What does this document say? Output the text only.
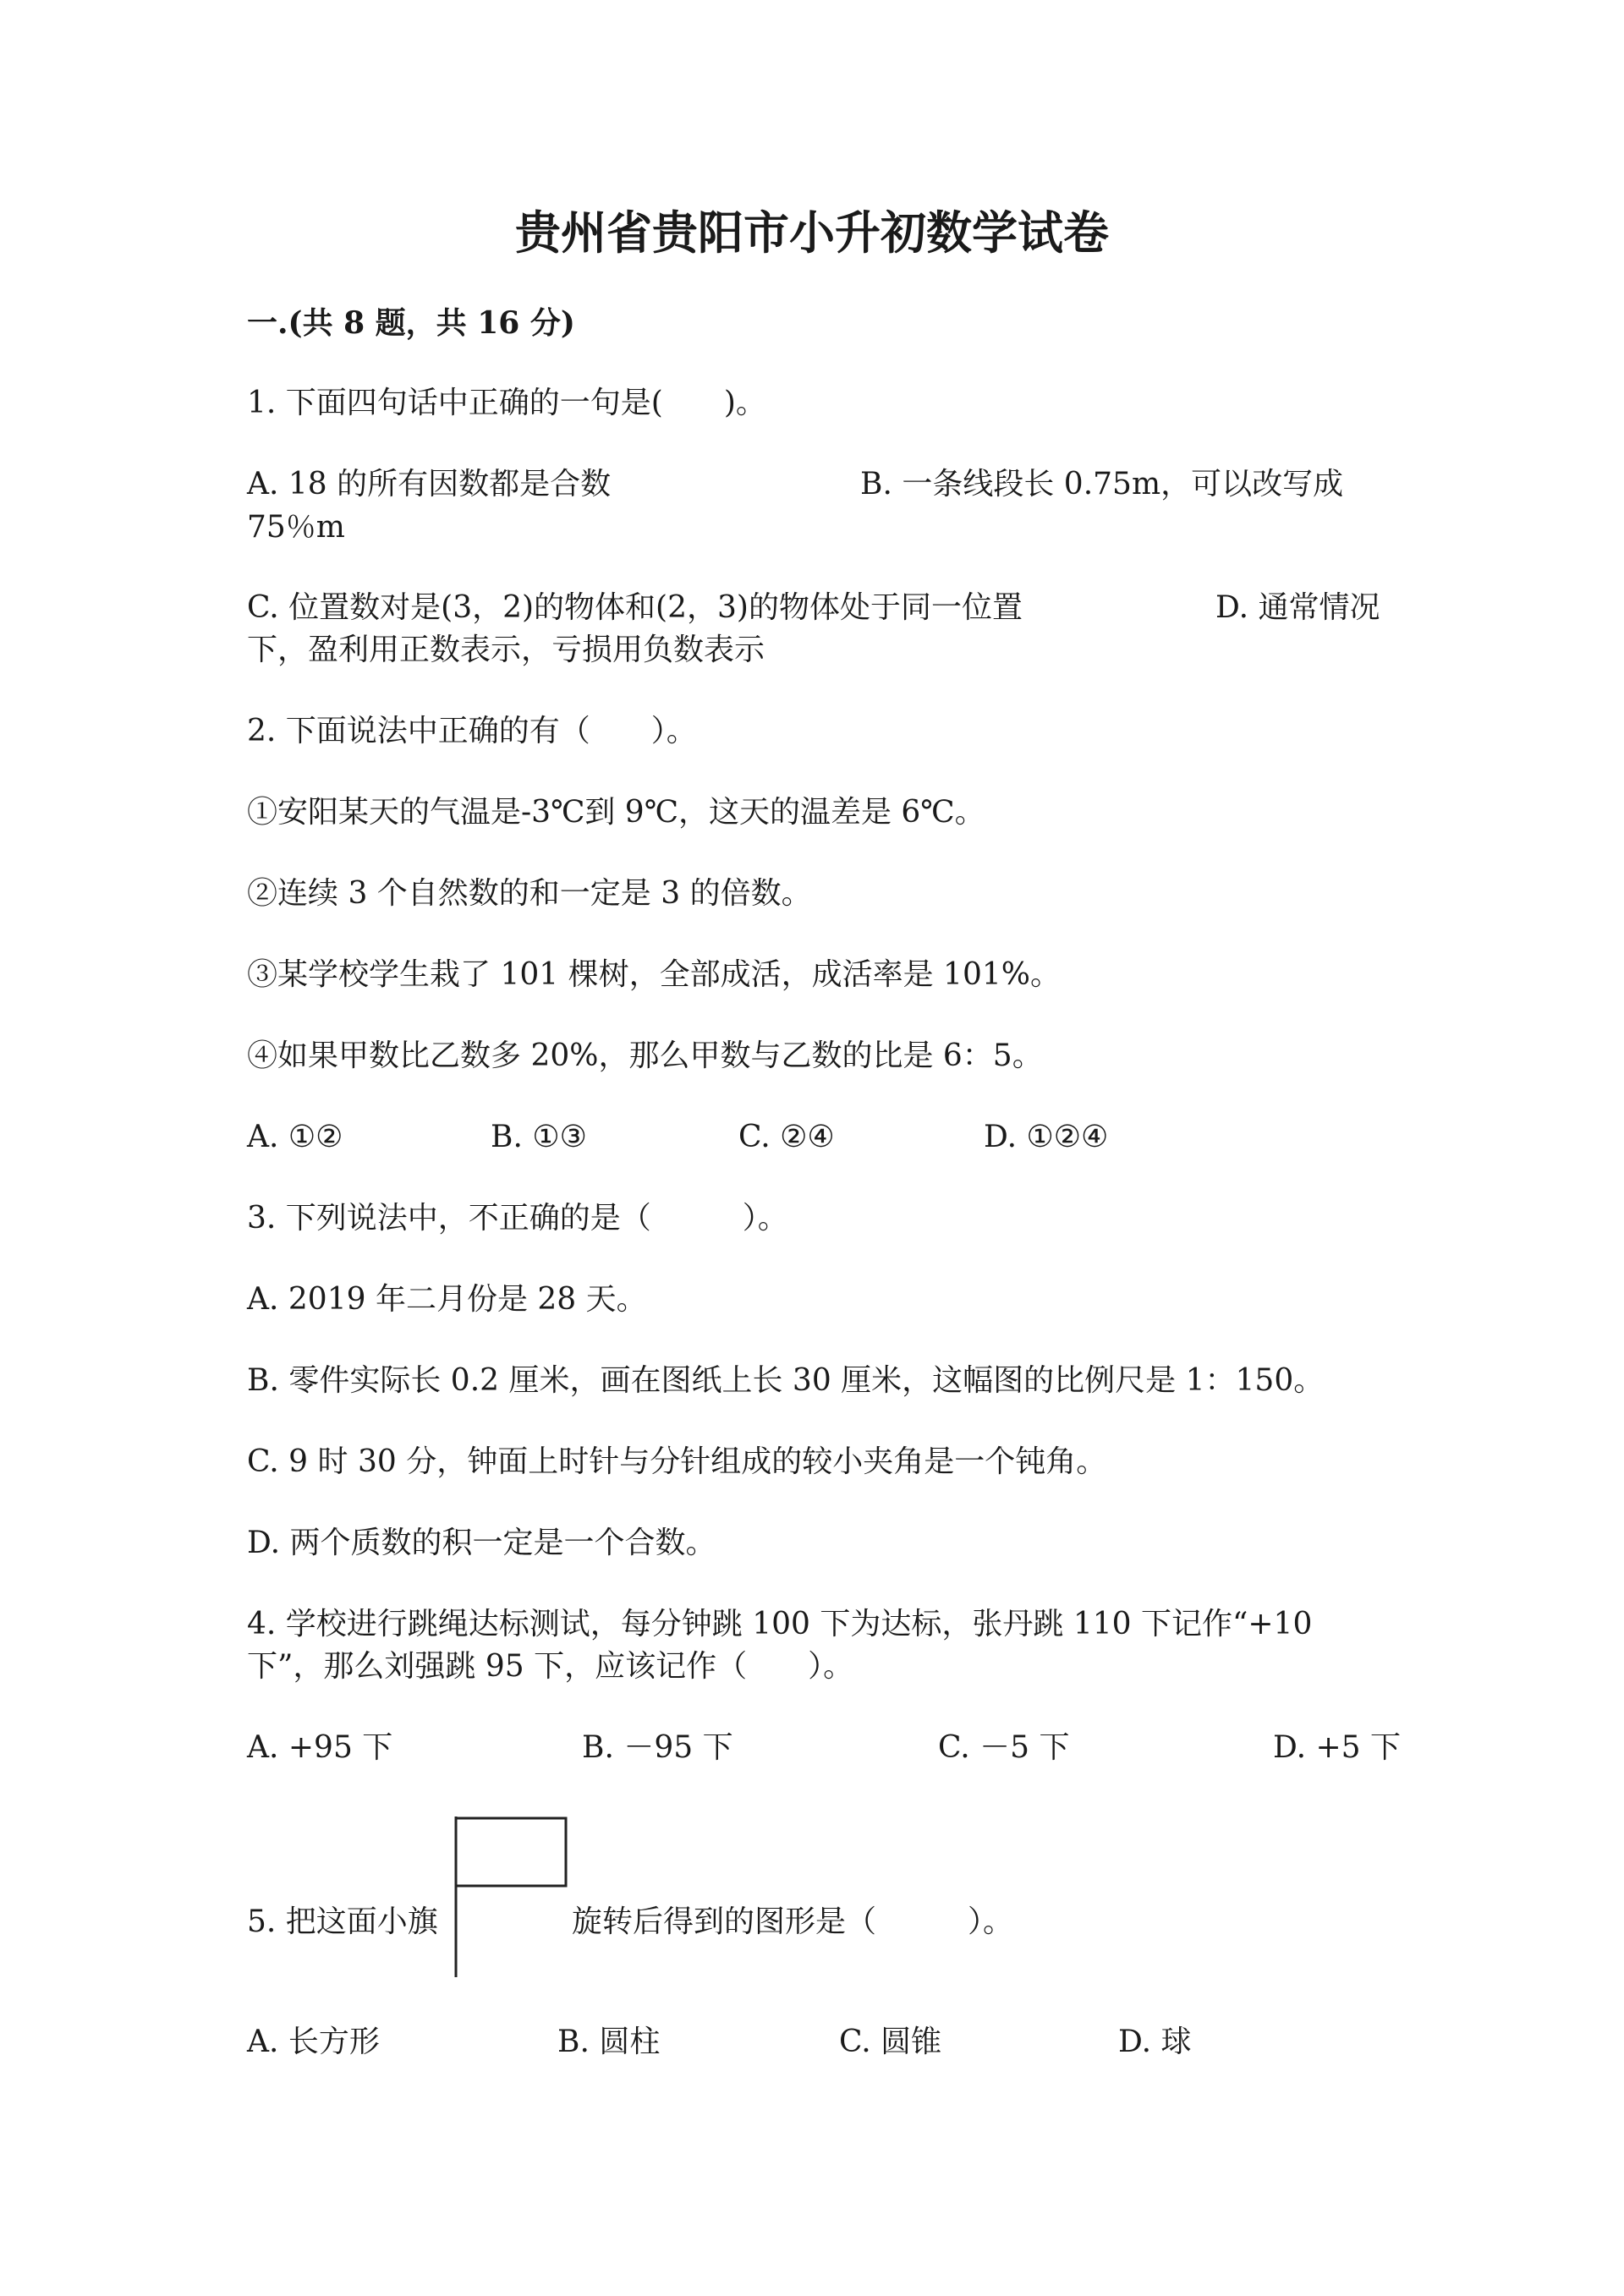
贵州省贵阳市小升初数学试卷
一.(共 8 题，共 16 分)
1. 下面四句话中正确的一句是(　　)。
A. 18 的所有因数都是合数	B. 一条线段长 0.75m，可以改写成
75％m
C. 位置数对是(3，2)的物体和(2，3)的物体处于同一位置	D. 通常情况
下，盈利用正数表示，亏损用负数表示
2. 下面说法中正确的有（　　）。
①安阳某天的气温是-3℃到 9℃，这天的温差是 6℃。
②连续 3 个自然数的和一定是 3 的倍数。
③某学校学生栽了 101 棵树，全部成活，成活率是 101%。
④如果甲数比乙数多 20%，那么甲数与乙数的比是 6：5。
A. ①②	B. ①③	C. ②④	D. ①②④
3. 下列说法中，不正确的是（　　　）。
A. 2019 年二月份是 28 天。
B. 零件实际长 0.2 厘米，画在图纸上长 30 厘米，这幅图的比例尺是 1：150。
C. 9 时 30 分，钟面上时针与分针组成的较小夹角是一个钝角。
D. 两个质数的积一定是一个合数。
4. 学校进行跳绳达标测试，每分钟跳 100 下为达标，张丹跳 110 下记作“+10
下”，那么刘强跳 95 下，应该记作（　　）。
A. +95 下	B. －95 下	C. －5 下	D. +5 下
5. 把这面小旗	旋转后得到的图形是（　　　）。
A. 长方形	B. 圆柱	C. 圆锥	D. 球
